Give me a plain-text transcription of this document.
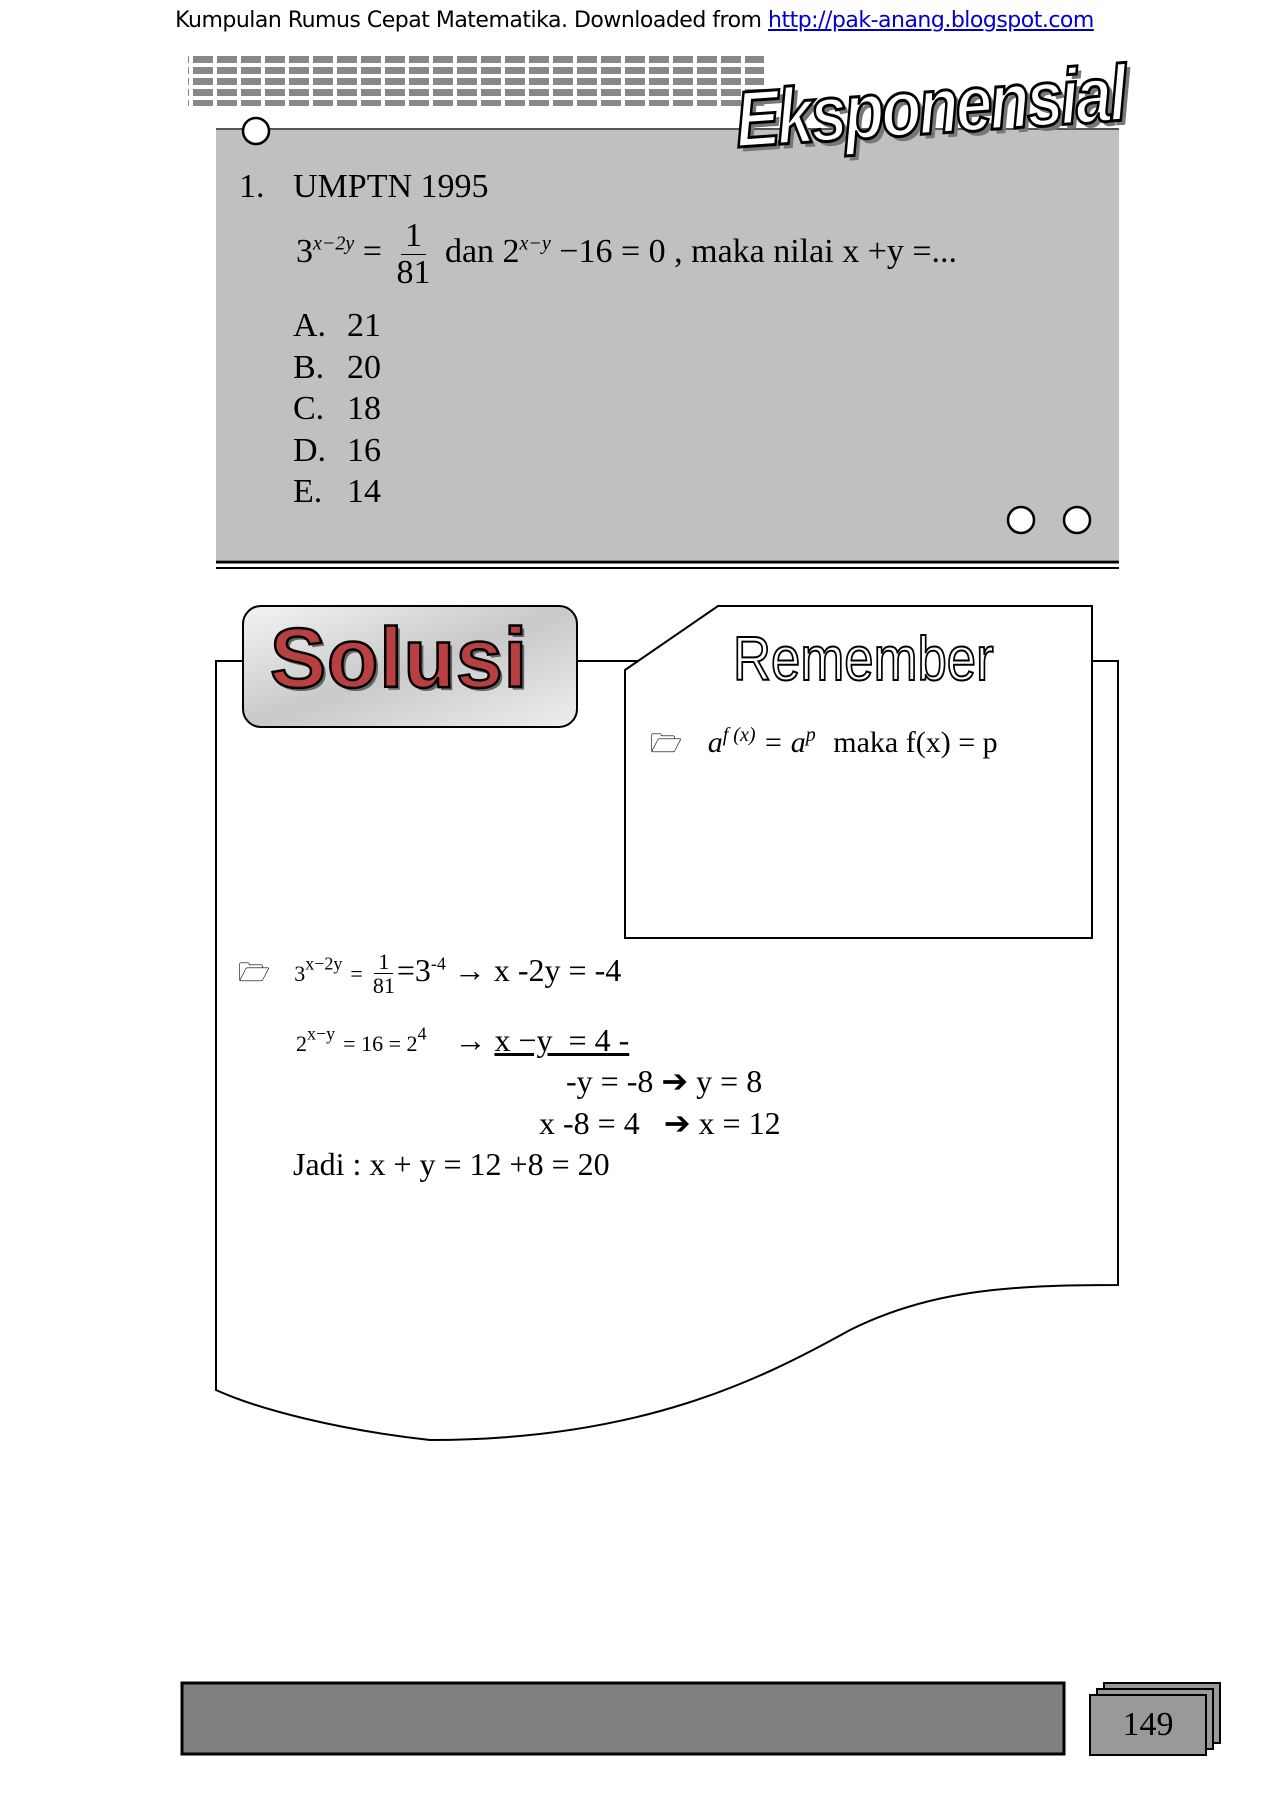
Kumpulan Rumus Cepat Matematika. Downloaded from http://pak-anang.blogspot.com
Eksponensial
1. UMPTN 1995
$3^{x-2y} = \frac{1}{81}$ dan $2^{x-y} -16 = 0$ , maka nilai x +y =...
A. 21
B. 20
C. 18
D. 16
E. 14
Solusi	Remember
🗁 $a^{f (x)} = a^p$ maka f(x) = p
🗁 $3^{x-2y} = \frac{1}{81} =3^{-4} \to x$ -2y = -4
$2^{x-y} = 16 = 2^4 \to x -y = 4$ -
-y = -8 ➔ y = 8
x -8 = 4   ➔ x = 12
Jadi : x + y = 12 +8 = 20
149
